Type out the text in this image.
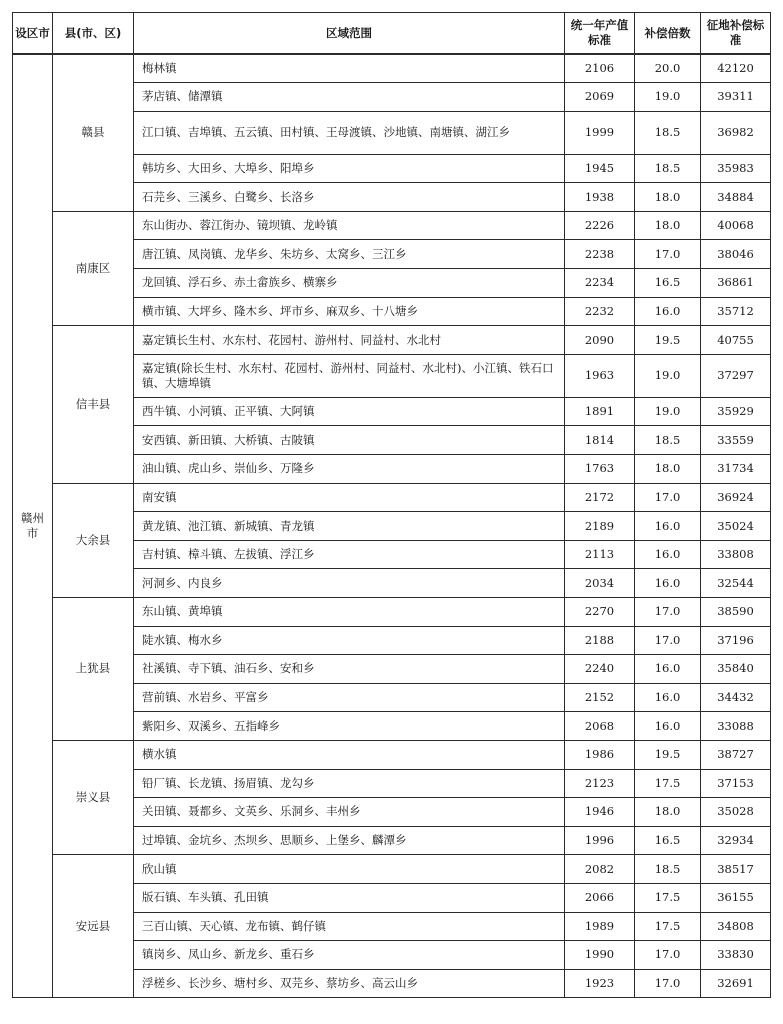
设区市	县(市、区)	区域范围	统一年产值标准	补偿倍数	征地补偿标准
赣州市	赣县	梅林镇	2106	20.0	42120
		茅店镇、储潭镇	2069	19.0	39311
		江口镇、吉埠镇、五云镇、田村镇、王母渡镇、沙地镇、南塘镇、湖江乡	1999	18.5	36982
		韩坊乡、大田乡、大埠乡、阳埠乡	1945	18.5	35983
		石芫乡、三溪乡、白鹭乡、长洛乡	1938	18.0	34884
	南康区	东山街办、蓉江街办、镜坝镇、龙岭镇	2226	18.0	40068
		唐江镇、凤岗镇、龙华乡、朱坊乡、太窝乡、三江乡	2238	17.0	38046
		龙回镇、浮石乡、赤土畲族乡、横寨乡	2234	16.5	36861
		横市镇、大坪乡、隆木乡、坪市乡、麻双乡、十八塘乡	2232	16.0	35712
	信丰县	嘉定镇长生村、水东村、花园村、游州村、同益村、水北村	2090	19.5	40755
		嘉定镇(除长生村、水东村、花园村、游州村、同益村、水北村)、小江镇、铁石口镇、大塘埠镇	1963	19.0	37297
		西牛镇、小河镇、正平镇、大阿镇	1891	19.0	35929
		安西镇、新田镇、大桥镇、古陂镇	1814	18.5	33559
		油山镇、虎山乡、崇仙乡、万隆乡	1763	18.0	31734
	大余县	南安镇	2172	17.0	36924
		黄龙镇、池江镇、新城镇、青龙镇	2189	16.0	35024
		吉村镇、樟斗镇、左拔镇、浮江乡	2113	16.0	33808
		河洞乡、内良乡	2034	16.0	32544
	上犹县	东山镇、黄埠镇	2270	17.0	38590
		陡水镇、梅水乡	2188	17.0	37196
		社溪镇、寺下镇、油石乡、安和乡	2240	16.0	35840
		营前镇、水岩乡、平富乡	2152	16.0	34432
		紫阳乡、双溪乡、五指峰乡	2068	16.0	33088
	崇义县	横水镇	1986	19.5	38727
		铅厂镇、长龙镇、扬眉镇、龙勾乡	2123	17.5	37153
		关田镇、聂都乡、文英乡、乐洞乡、丰州乡	1946	18.0	35028
		过埠镇、金坑乡、杰坝乡、思顺乡、上堡乡、麟潭乡	1996	16.5	32934
	安远县	欣山镇	2082	18.5	38517
		版石镇、车头镇、孔田镇	2066	17.5	36155
		三百山镇、天心镇、龙布镇、鹤仔镇	1989	17.5	34808
		镇岗乡、凤山乡、新龙乡、重石乡	1990	17.0	33830
		浮槎乡、长沙乡、塘村乡、双芫乡、蔡坊乡、高云山乡	1923	17.0	32691
